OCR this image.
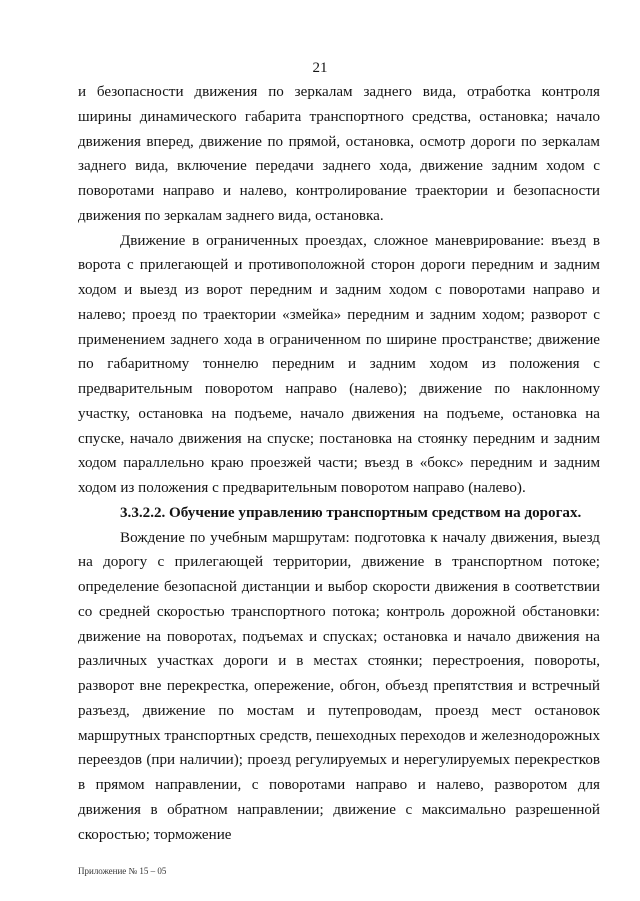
21

и безопасности движения по зеркалам заднего вида, отработка контроля ширины динамического габарита транспортного средства, остановка; начало движения вперед, движение по прямой, остановка, осмотр дороги по зеркалам заднего вида, включение передачи заднего хода, движение задним ходом с поворотами направо и налево, контролирование траектории и безопасности движения по зеркалам заднего вида, остановка.

Движение в ограниченных проездах, сложное маневрирование: въезд в ворота с прилегающей и противоположной сторон дороги передним и задним ходом и выезд из ворот передним и задним ходом с поворотами направо и налево; проезд по траектории «змейка» передним и задним ходом; разворот с применением заднего хода в ограниченном по ширине пространстве; движение по габаритному тоннелю передним и задним ходом из положения с предварительным поворотом направо (налево); движение по наклонному участку, остановка на подъеме, начало движения на подъеме, остановка на спуске, начало движения на спуске; постановка на стоянку передним и задним ходом параллельно краю проезжей части; въезд в «бокс» передним и задним ходом из положения с предварительным поворотом направо (налево).

3.3.2.2. Обучение управлению транспортным средством на дорогах.

Вождение по учебным маршрутам: подготовка к началу движения, выезд на дорогу с прилегающей территории, движение в транспортном потоке; определение безопасной дистанции и выбор скорости движения в соответствии со средней скоростью транспортного потока; контроль дорожной обстановки: движение на поворотах, подъемах и спусках; остановка и начало движения на различных участках дороги и в местах стоянки; перестроения, повороты, разворот вне перекрестка, опережение, обгон, объезд препятствия и встречный разъезд, движение по мостам и путепроводам, проезд мест остановок маршрутных транспортных средств, пешеходных переходов и железнодорожных переездов (при наличии); проезд регулируемых и нерегулируемых перекрестков в прямом направлении, с поворотами направо и налево, разворотом для движения в обратном направлении; движение с максимально разрешенной скоростью; торможение

Приложение № 15 – 05
